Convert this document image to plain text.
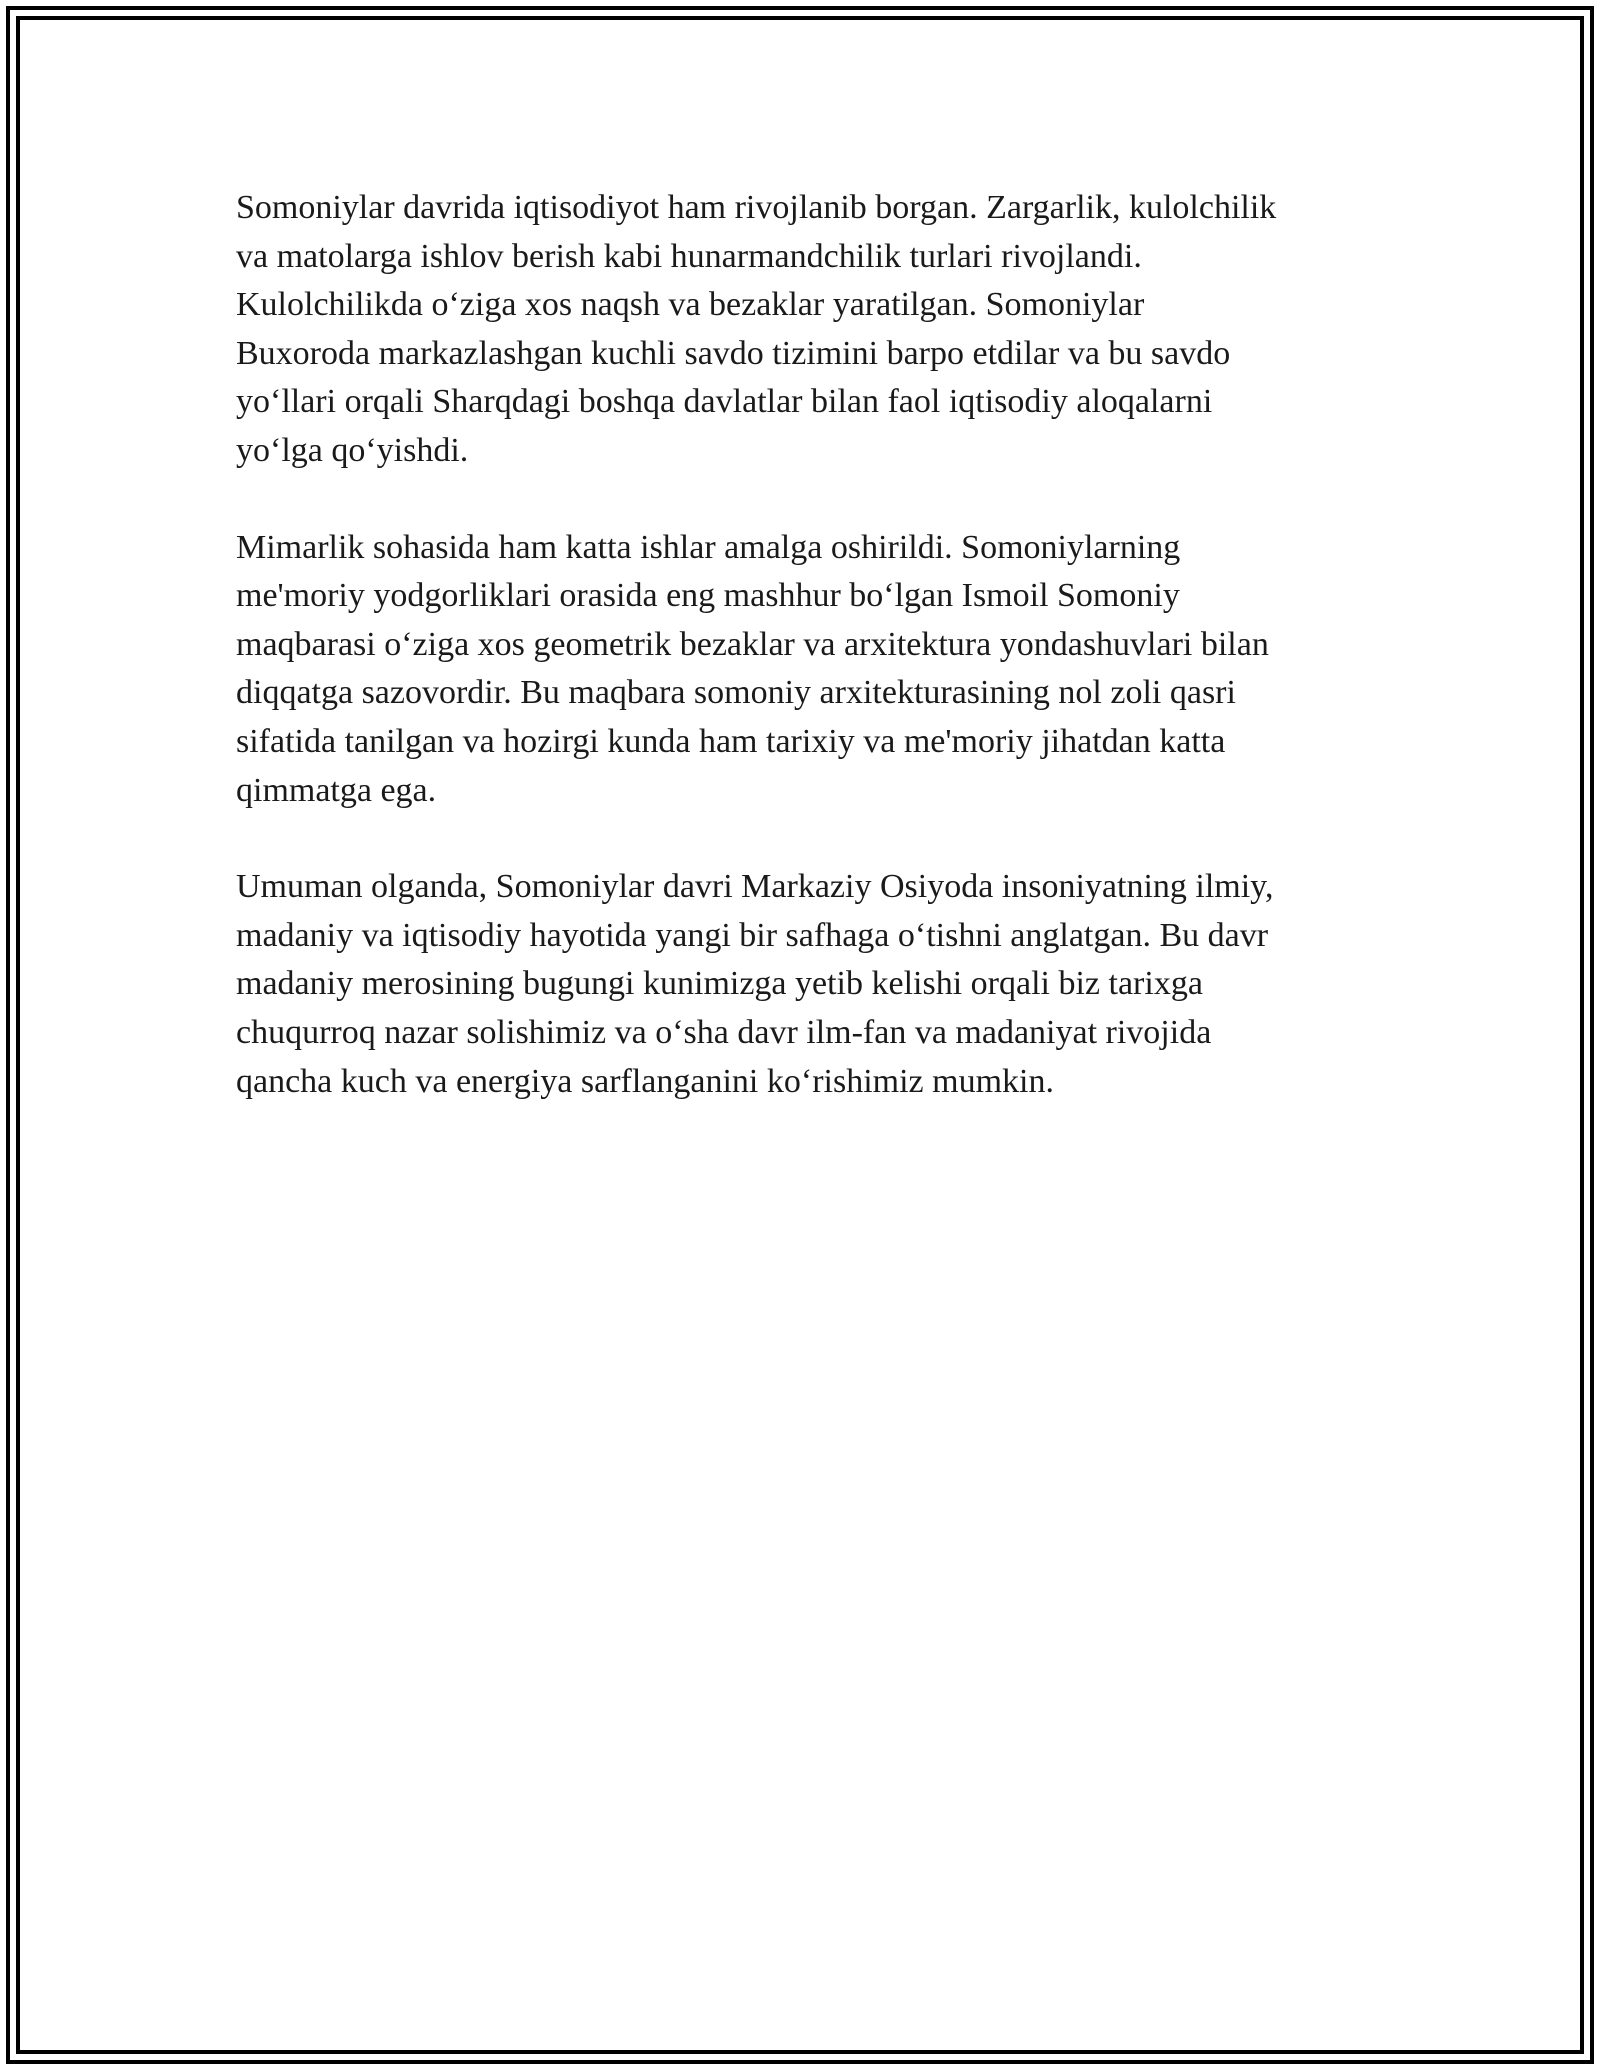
Somoniylar davrida iqtisodiyot ham rivojlanib borgan. Zargarlik, kulolchilik
va matolarga ishlov berish kabi hunarmandchilik turlari rivojlandi.
Kulolchilikda o‘ziga xos naqsh va bezaklar yaratilgan. Somoniylar
Buxoroda markazlashgan kuchli savdo tizimini barpo etdilar va bu savdo
yo‘llari orqali Sharqdagi boshqa davlatlar bilan faol iqtisodiy aloqalarni
yo‘lga qo‘yishdi.

Mimarlik sohasida ham katta ishlar amalga oshirildi. Somoniylarning
me'moriy yodgorliklari orasida eng mashhur bo‘lgan Ismoil Somoniy
maqbarasi o‘ziga xos geometrik bezaklar va arxitektura yondashuvlari bilan
diqqatga sazovordir. Bu maqbara somoniy arxitekturasining nol zoli qasri
sifatida tanilgan va hozirgi kunda ham tarixiy va me'moriy jihatdan katta
qimmatga ega.

Umuman olganda, Somoniylar davri Markaziy Osiyoda insoniyatning ilmiy,
madaniy va iqtisodiy hayotida yangi bir safhaga o‘tishni anglatgan. Bu davr
madaniy merosining bugungi kunimizga yetib kelishi orqali biz tarixga
chuqurroq nazar solishimiz va o‘sha davr ilm-fan va madaniyat rivojida
qancha kuch va energiya sarflanganini ko‘rishimiz mumkin.
